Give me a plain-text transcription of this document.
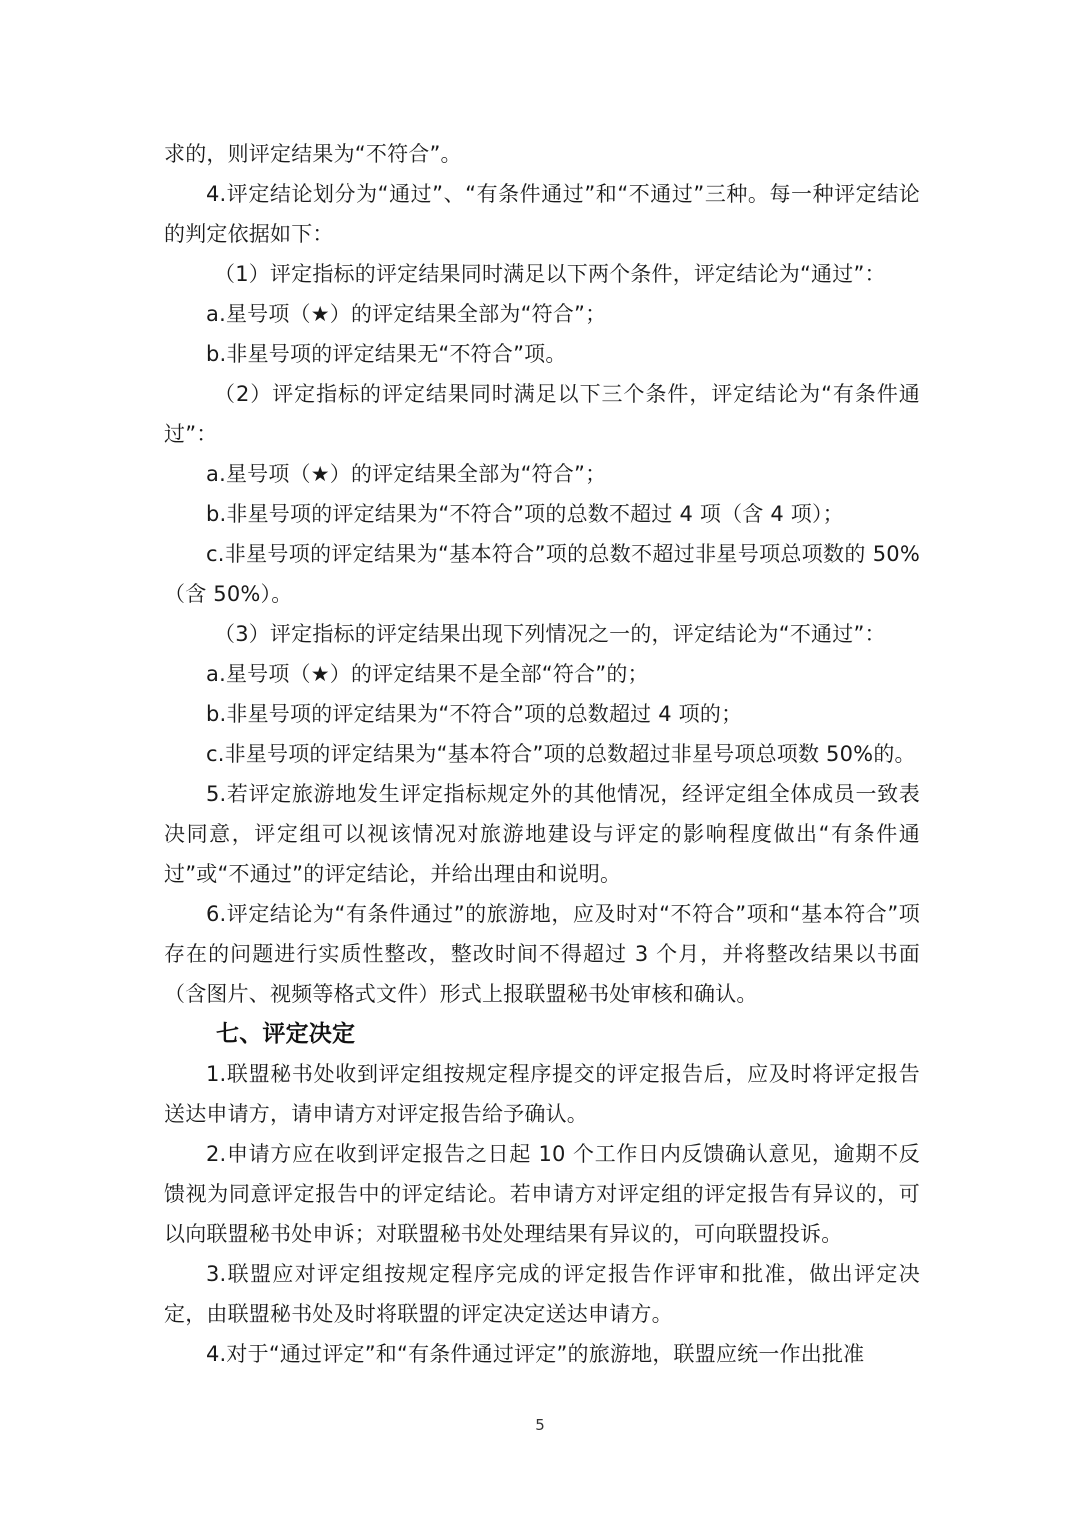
求的，则评定结果为“不符合”。

4.评定结论划分为“通过”、“有条件通过”和“不通过”三种。每一种评定结论的判定依据如下：

（1）评定指标的评定结果同时满足以下两个条件，评定结论为“通过”：

a.星号项（★）的评定结果全部为“符合”；

b.非星号项的评定结果无“不符合”项。

（2）评定指标的评定结果同时满足以下三个条件，评定结论为“有条件通过”：

a.星号项（★）的评定结果全部为“符合”；

b.非星号项的评定结果为“不符合”项的总数不超过 4 项（含 4 项）；

c.非星号项的评定结果为“基本符合”项的总数不超过非星号项总项数的 50%（含 50%）。

（3）评定指标的评定结果出现下列情况之一的，评定结论为“不通过”：

a.星号项（★）的评定结果不是全部“符合”的；

b.非星号项的评定结果为“不符合”项的总数超过 4 项的；

c.非星号项的评定结果为“基本符合”项的总数超过非星号项总项数 50%的。

5.若评定旅游地发生评定指标规定外的其他情况，经评定组全体成员一致表决同意，评定组可以视该情况对旅游地建设与评定的影响程度做出“有条件通过”或“不通过”的评定结论，并给出理由和说明。

6.评定结论为“有条件通过”的旅游地，应及时对“不符合”项和“基本符合”项存在的问题进行实质性整改，整改时间不得超过 3 个月，并将整改结果以书面（含图片、视频等格式文件）形式上报联盟秘书处审核和确认。

七、评定决定

1.联盟秘书处收到评定组按规定程序提交的评定报告后，应及时将评定报告送达申请方，请申请方对评定报告给予确认。

2.申请方应在收到评定报告之日起 10 个工作日内反馈确认意见，逾期不反馈视为同意评定报告中的评定结论。若申请方对评定组的评定报告有异议的，可以向联盟秘书处申诉；对联盟秘书处处理结果有异议的，可向联盟投诉。

3.联盟应对评定组按规定程序完成的评定报告作评审和批准，做出评定决定，由联盟秘书处及时将联盟的评定决定送达申请方。

4.对于“通过评定”和“有条件通过评定”的旅游地，联盟应统一作出批准

5
